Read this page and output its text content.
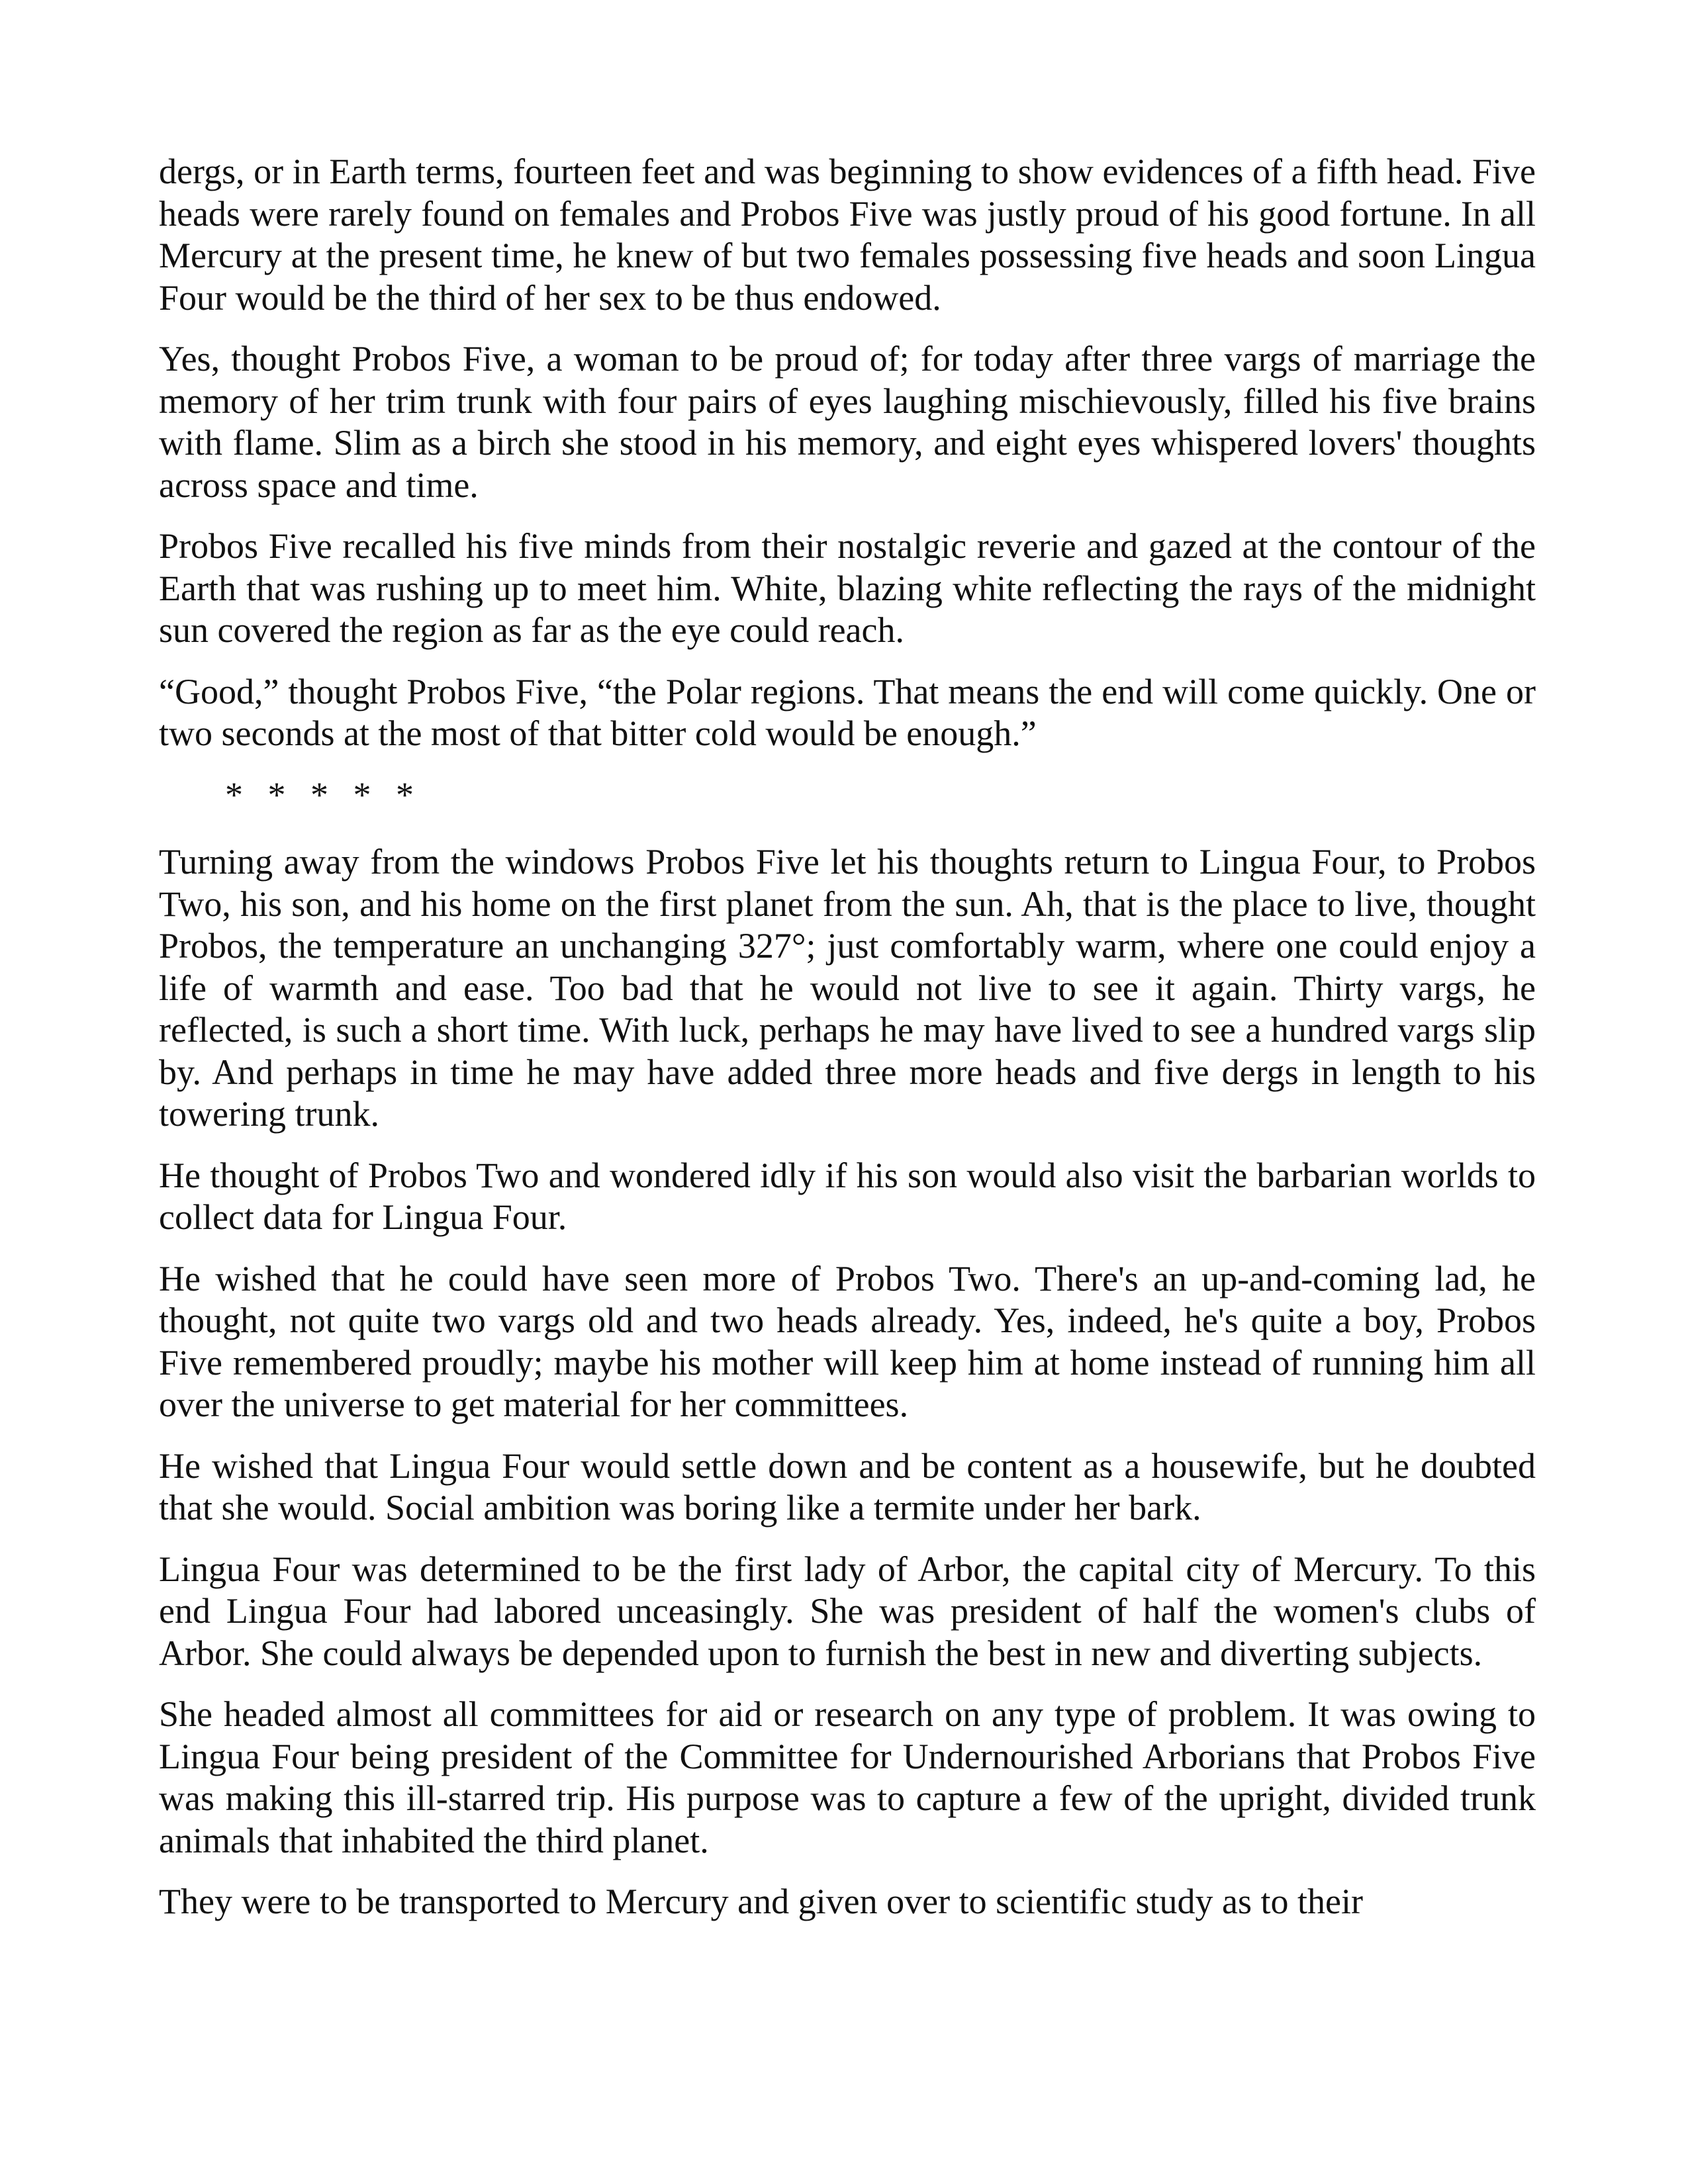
dergs, or in Earth terms, fourteen feet and was beginning to show evidences of a fifth head. Five heads were rarely found on females and Probos Five was justly proud of his good fortune. In all Mercury at the present time, he knew of but two females possessing five heads and soon Lingua Four would be the third of her sex to be thus endowed.

Yes, thought Probos Five, a woman to be proud of; for today after three vargs of marriage the memory of her trim trunk with four pairs of eyes laughing mischievously, filled his five brains with flame. Slim as a birch she stood in his memory, and eight eyes whispered lovers' thoughts across space and time.

Probos Five recalled his five minds from their nostalgic reverie and gazed at the contour of the Earth that was rushing up to meet him. White, blazing white reflecting the rays of the midnight sun covered the region as far as the eye could reach.

“Good,” thought Probos Five, “the Polar regions. That means the end will come quickly. One or two seconds at the most of that bitter cold would be enough.”

* * * * *

Turning away from the windows Probos Five let his thoughts return to Lingua Four, to Probos Two, his son, and his home on the first planet from the sun. Ah, that is the place to live, thought Probos, the temperature an unchanging 327°; just comfortably warm, where one could enjoy a life of warmth and ease. Too bad that he would not live to see it again. Thirty vargs, he reflected, is such a short time. With luck, perhaps he may have lived to see a hundred vargs slip by. And perhaps in time he may have added three more heads and five dergs in length to his towering trunk.

He thought of Probos Two and wondered idly if his son would also visit the barbarian worlds to collect data for Lingua Four.

He wished that he could have seen more of Probos Two. There's an up-and-coming lad, he thought, not quite two vargs old and two heads already. Yes, indeed, he's quite a boy, Probos Five remembered proudly; maybe his mother will keep him at home instead of running him all over the universe to get material for her committees.

He wished that Lingua Four would settle down and be content as a housewife, but he doubted that she would. Social ambition was boring like a termite under her bark.

Lingua Four was determined to be the first lady of Arbor, the capital city of Mercury. To this end Lingua Four had labored unceasingly. She was president of half the women's clubs of Arbor. She could always be depended upon to furnish the best in new and diverting subjects.

She headed almost all committees for aid or research on any type of problem. It was owing to Lingua Four being president of the Committee for Undernourished Arborians that Probos Five was making this ill-starred trip. His purpose was to capture a few of the upright, divided trunk animals that inhabited the third planet.

They were to be transported to Mercury and given over to scientific study as to their
